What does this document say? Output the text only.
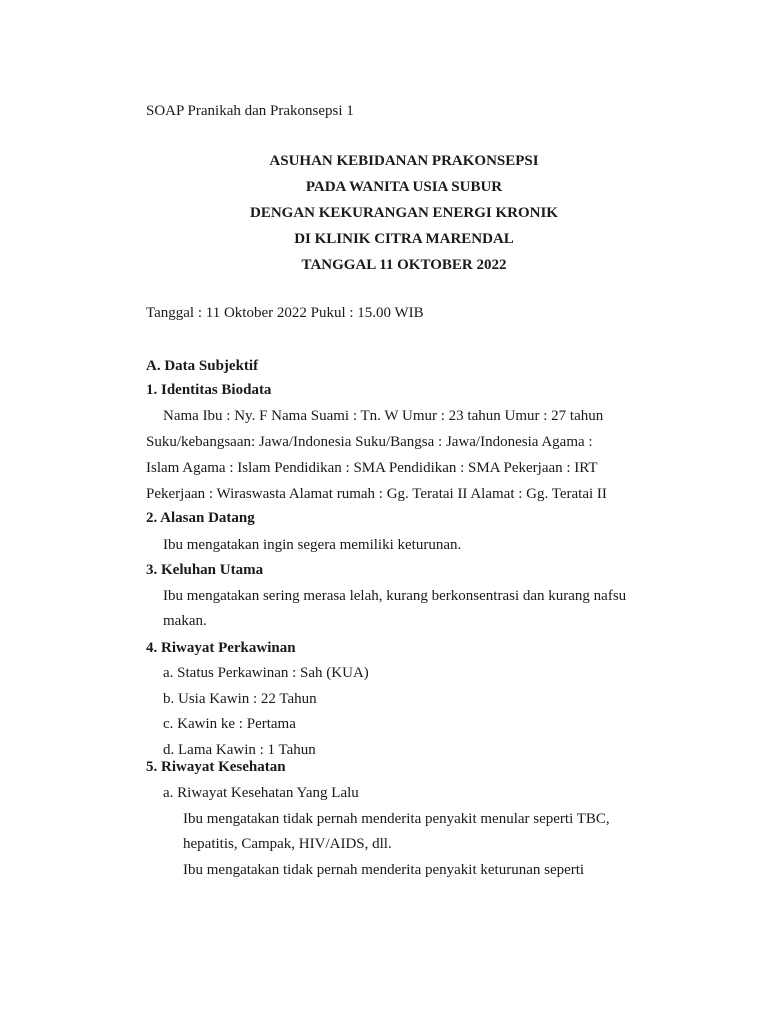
SOAP Pranikah dan Prakonsepsi 1
ASUHAN KEBIDANAN PRAKONSEPSI
PADA WANITA USIA SUBUR
DENGAN KEKURANGAN ENERGI KRONIK
DI KLINIK CITRA MARENDAL
TANGGAL 11 OKTOBER 2022
Tanggal : 11 Oktober 2022 Pukul : 15.00 WIB
A. Data Subjektif
1. Identitas Biodata
Nama Ibu : Ny. F Nama Suami : Tn. W Umur : 23 tahun Umur : 27 tahun
Suku/kebangsaan: Jawa/Indonesia Suku/Bangsa : Jawa/Indonesia Agama :
Islam Agama : Islam Pendidikan : SMA Pendidikan : SMA Pekerjaan : IRT
Pekerjaan : Wiraswasta Alamat rumah : Gg. Teratai II Alamat : Gg. Teratai II
2. Alasan Datang
Ibu mengatakan ingin segera memiliki keturunan.
3. Keluhan Utama
Ibu mengatakan sering merasa lelah, kurang berkonsentrasi dan kurang nafsu
makan.
4. Riwayat Perkawinan
a. Status Perkawinan : Sah (KUA)
b. Usia Kawin : 22 Tahun
c. Kawin ke : Pertama
d. Lama Kawin : 1 Tahun
5. Riwayat Kesehatan
a. Riwayat Kesehatan Yang Lalu
Ibu mengatakan tidak pernah menderita penyakit menular seperti TBC,
hepatitis, Campak, HIV/AIDS, dll.
Ibu mengatakan tidak pernah menderita penyakit keturunan seperti
